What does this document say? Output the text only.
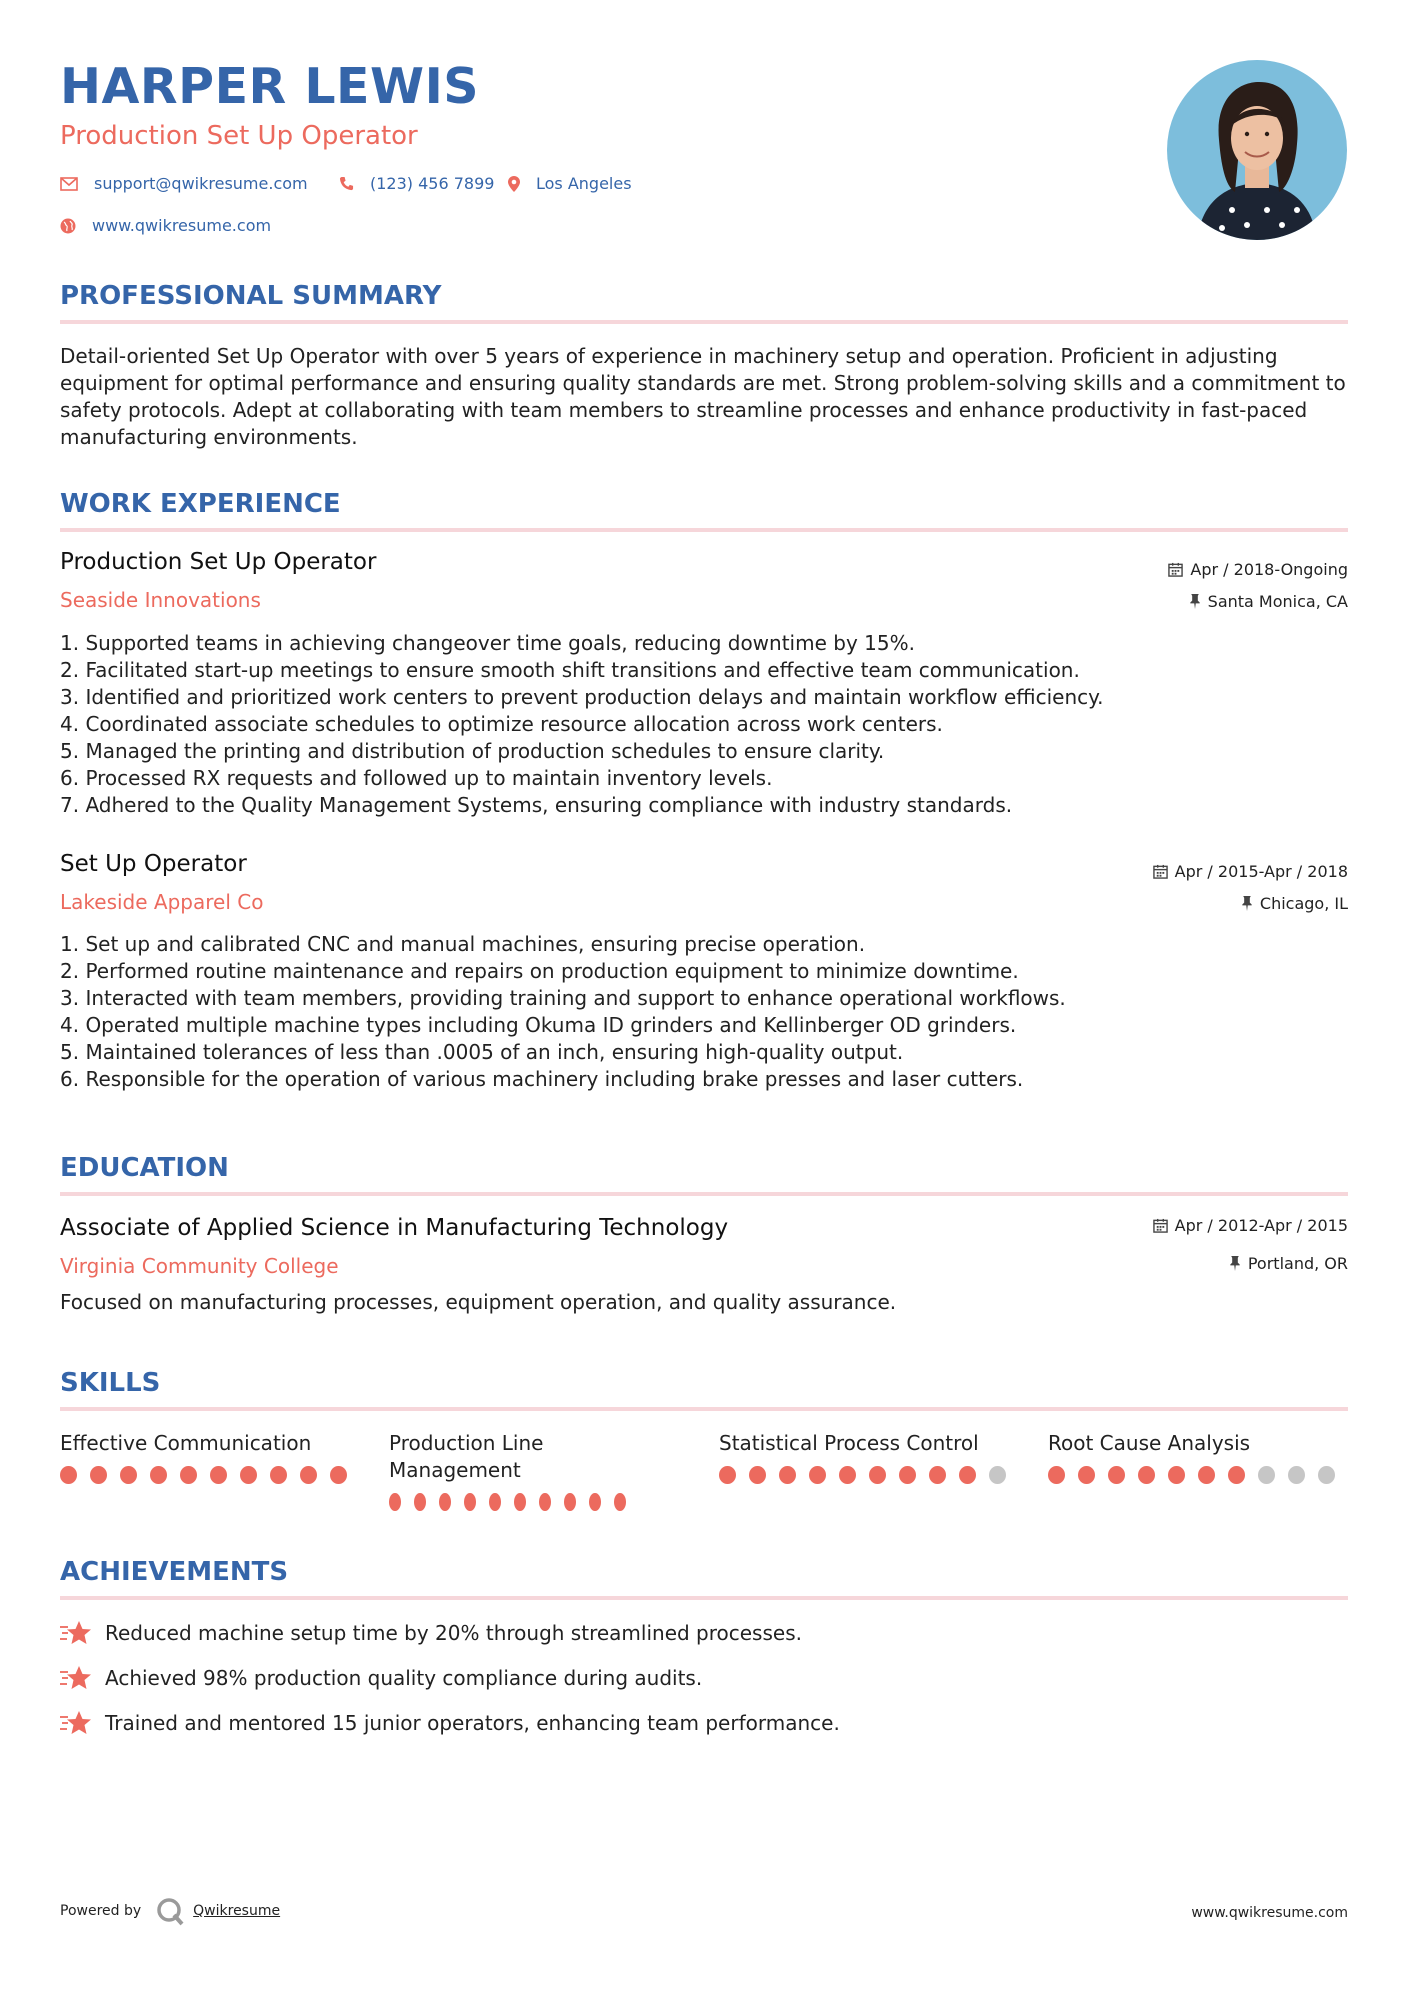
HARPER LEWIS
Production Set Up Operator
support@qwikresume.com	(123) 456 7899	Los Angeles
www.qwikresume.com
PROFESSIONAL SUMMARY
Detail-oriented Set Up Operator with over 5 years of experience in machinery setup and operation. Proficient in adjusting equipment for optimal performance and ensuring quality standards are met. Strong problem-solving skills and a commitment to safety protocols. Adept at collaborating with team members to streamline processes and enhance productivity in fast-paced manufacturing environments.
WORK EXPERIENCE
Production Set Up Operator
Seaside Innovations
Apr / 2018-Ongoing
Santa Monica, CA
1. Supported teams in achieving changeover time goals, reducing downtime by 15%.
2. Facilitated start-up meetings to ensure smooth shift transitions and effective team communication.
3. Identified and prioritized work centers to prevent production delays and maintain workflow efficiency.
4. Coordinated associate schedules to optimize resource allocation across work centers.
5. Managed the printing and distribution of production schedules to ensure clarity.
6. Processed RX requests and followed up to maintain inventory levels.
7. Adhered to the Quality Management Systems, ensuring compliance with industry standards.
Set Up Operator
Lakeside Apparel Co
Apr / 2015-Apr / 2018
Chicago, IL
1. Set up and calibrated CNC and manual machines, ensuring precise operation.
2. Performed routine maintenance and repairs on production equipment to minimize downtime.
3. Interacted with team members, providing training and support to enhance operational workflows.
4. Operated multiple machine types including Okuma ID grinders and Kellinberger OD grinders.
5. Maintained tolerances of less than .0005 of an inch, ensuring high-quality output.
6. Responsible for the operation of various machinery including brake presses and laser cutters.
EDUCATION
Associate of Applied Science in Manufacturing Technology
Virginia Community College
Apr / 2012-Apr / 2015
Portland, OR
Focused on manufacturing processes, equipment operation, and quality assurance.
SKILLS
Effective Communication	Production Line Management
Statistical Process Control	Root Cause Analysis
ACHIEVEMENTS
Reduced machine setup time by 20% through streamlined processes.
Achieved 98% production quality compliance during audits.
Trained and mentored 15 junior operators, enhancing team performance.
Powered by	Qwikresume	www.qwikresume.com
